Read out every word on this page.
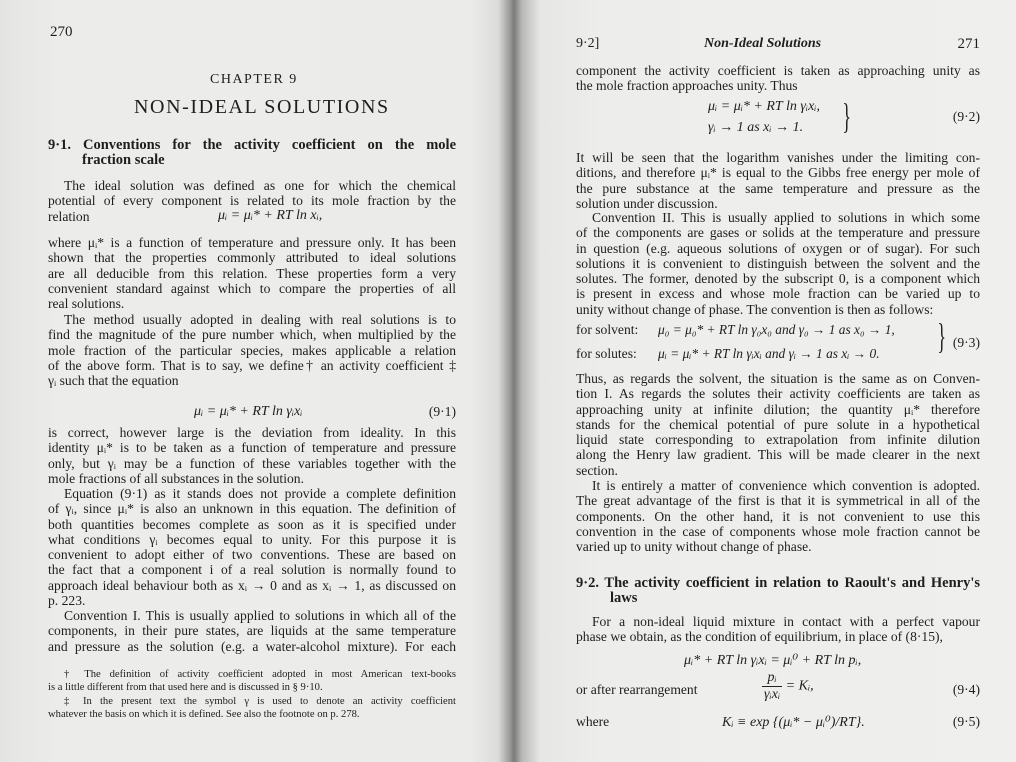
270
CHAPTER 9
NON-IDEAL SOLUTIONS
9·1. Conventions for the activity coefficient on the mole
fraction scale
The ideal solution was defined as one for which the chemical
potential of every component is related to its mole fraction by the
relation	μᵢ = μᵢ* + RT ln xᵢ,
where μᵢ* is a function of temperature and pressure only. It has been
shown that the properties commonly attributed to ideal solutions
are all deducible from this relation. These properties form a very
convenient standard against which to compare the properties of all
real solutions.
The method usually adopted in dealing with real solutions is to
find the magnitude of the pure number which, when multiplied by the
mole fraction of the particular species, makes applicable a relation
of the above form. That is to say, we define† an activity coefficient ‡
γᵢ such that the equation
μᵢ = μᵢ* + RT ln γᵢxᵢ	(9·1)
is correct, however large is the deviation from ideality. In this
identity μᵢ* is to be taken as a function of temperature and pressure
only, but γᵢ may be a function of these variables together with the
mole fractions of all substances in the solution.
Equation (9·1) as it stands does not provide a complete definition
of γᵢ, since μᵢ* is also an unknown in this equation. The definition of
both quantities becomes complete as soon as it is specified under
what conditions γᵢ becomes equal to unity. For this purpose it is
convenient to adopt either of two conventions. These are based on
the fact that a component i of a real solution is normally found to
approach ideal behaviour both as xᵢ → 0 and as xᵢ → 1, as discussed on
p. 223.
Convention I. This is usually applied to solutions in which all of the
components, in their pure states, are liquids at the same temperature
and pressure as the solution (e.g. a water-alcohol mixture). For each
† The definition of activity coefficient adopted in most American text-books
is a little different from that used here and is discussed in § 9·10.
‡ In the present text the symbol γ is used to denote an activity coefficient
whatever the basis on which it is defined. See also the footnote on p. 278.
9·2]	Non-Ideal Solutions	271
component the activity coefficient is taken as approaching unity as
the mole fraction approaches unity. Thus
μᵢ = μᵢ* + RT ln γᵢxᵢ,
γᵢ → 1 as xᵢ → 1. }	(9·2)
It will be seen that the logarithm vanishes under the limiting con-
ditions, and therefore μᵢ* is equal to the Gibbs free energy per mole of
the pure substance at the same temperature and pressure as the
solution under discussion.
Convention II. This is usually applied to solutions in which some
of the components are gases or solids at the temperature and pressure
in question (e.g. aqueous solutions of oxygen or of sugar). For such
solutions it is convenient to distinguish between the solvent and the
solutes. The former, denoted by the subscript 0, is a component which
is present in excess and whose mole fraction can be varied up to
unity without change of phase. The convention is then as follows:
for solvent: μ₀ = μ₀* + RT ln γ₀x₀ and γ₀ → 1 as x₀ → 1,
for solutes: μᵢ = μᵢ* + RT ln γᵢxᵢ and γᵢ → 1 as xᵢ → 0. } (9·3)
Thus, as regards the solvent, the situation is the same as on Conven-
tion I. As regards the solutes their activity coefficients are taken as
approaching unity at infinite dilution; the quantity μᵢ* therefore
stands for the chemical potential of pure solute in a hypothetical
liquid state corresponding to extrapolation from infinite dilution
along the Henry law gradient. This will be made clearer in the next
section.
It is entirely a matter of convenience which convention is adopted.
The great advantage of the first is that it is symmetrical in all of the
components. On the other hand, it is not convenient to use this
convention in the case of components whose mole fraction cannot be
varied up to unity without change of phase.
9·2. The activity coefficient in relation to Raoult's and Henry's
laws
For a non-ideal liquid mixture in contact with a perfect vapour
phase we obtain, as the condition of equilibrium, in place of (8·15),
μᵢ* + RT ln γᵢxᵢ = μᵢ⁰ + RT ln pᵢ,
or after rearrangement	$\frac{\text{pᵢ}}{\text{γᵢxᵢ}}$ = Kᵢ,	(9·4)
where	Kᵢ ≡ exp {(μᵢ* − μᵢ⁰)/RT}.	(9·5)
